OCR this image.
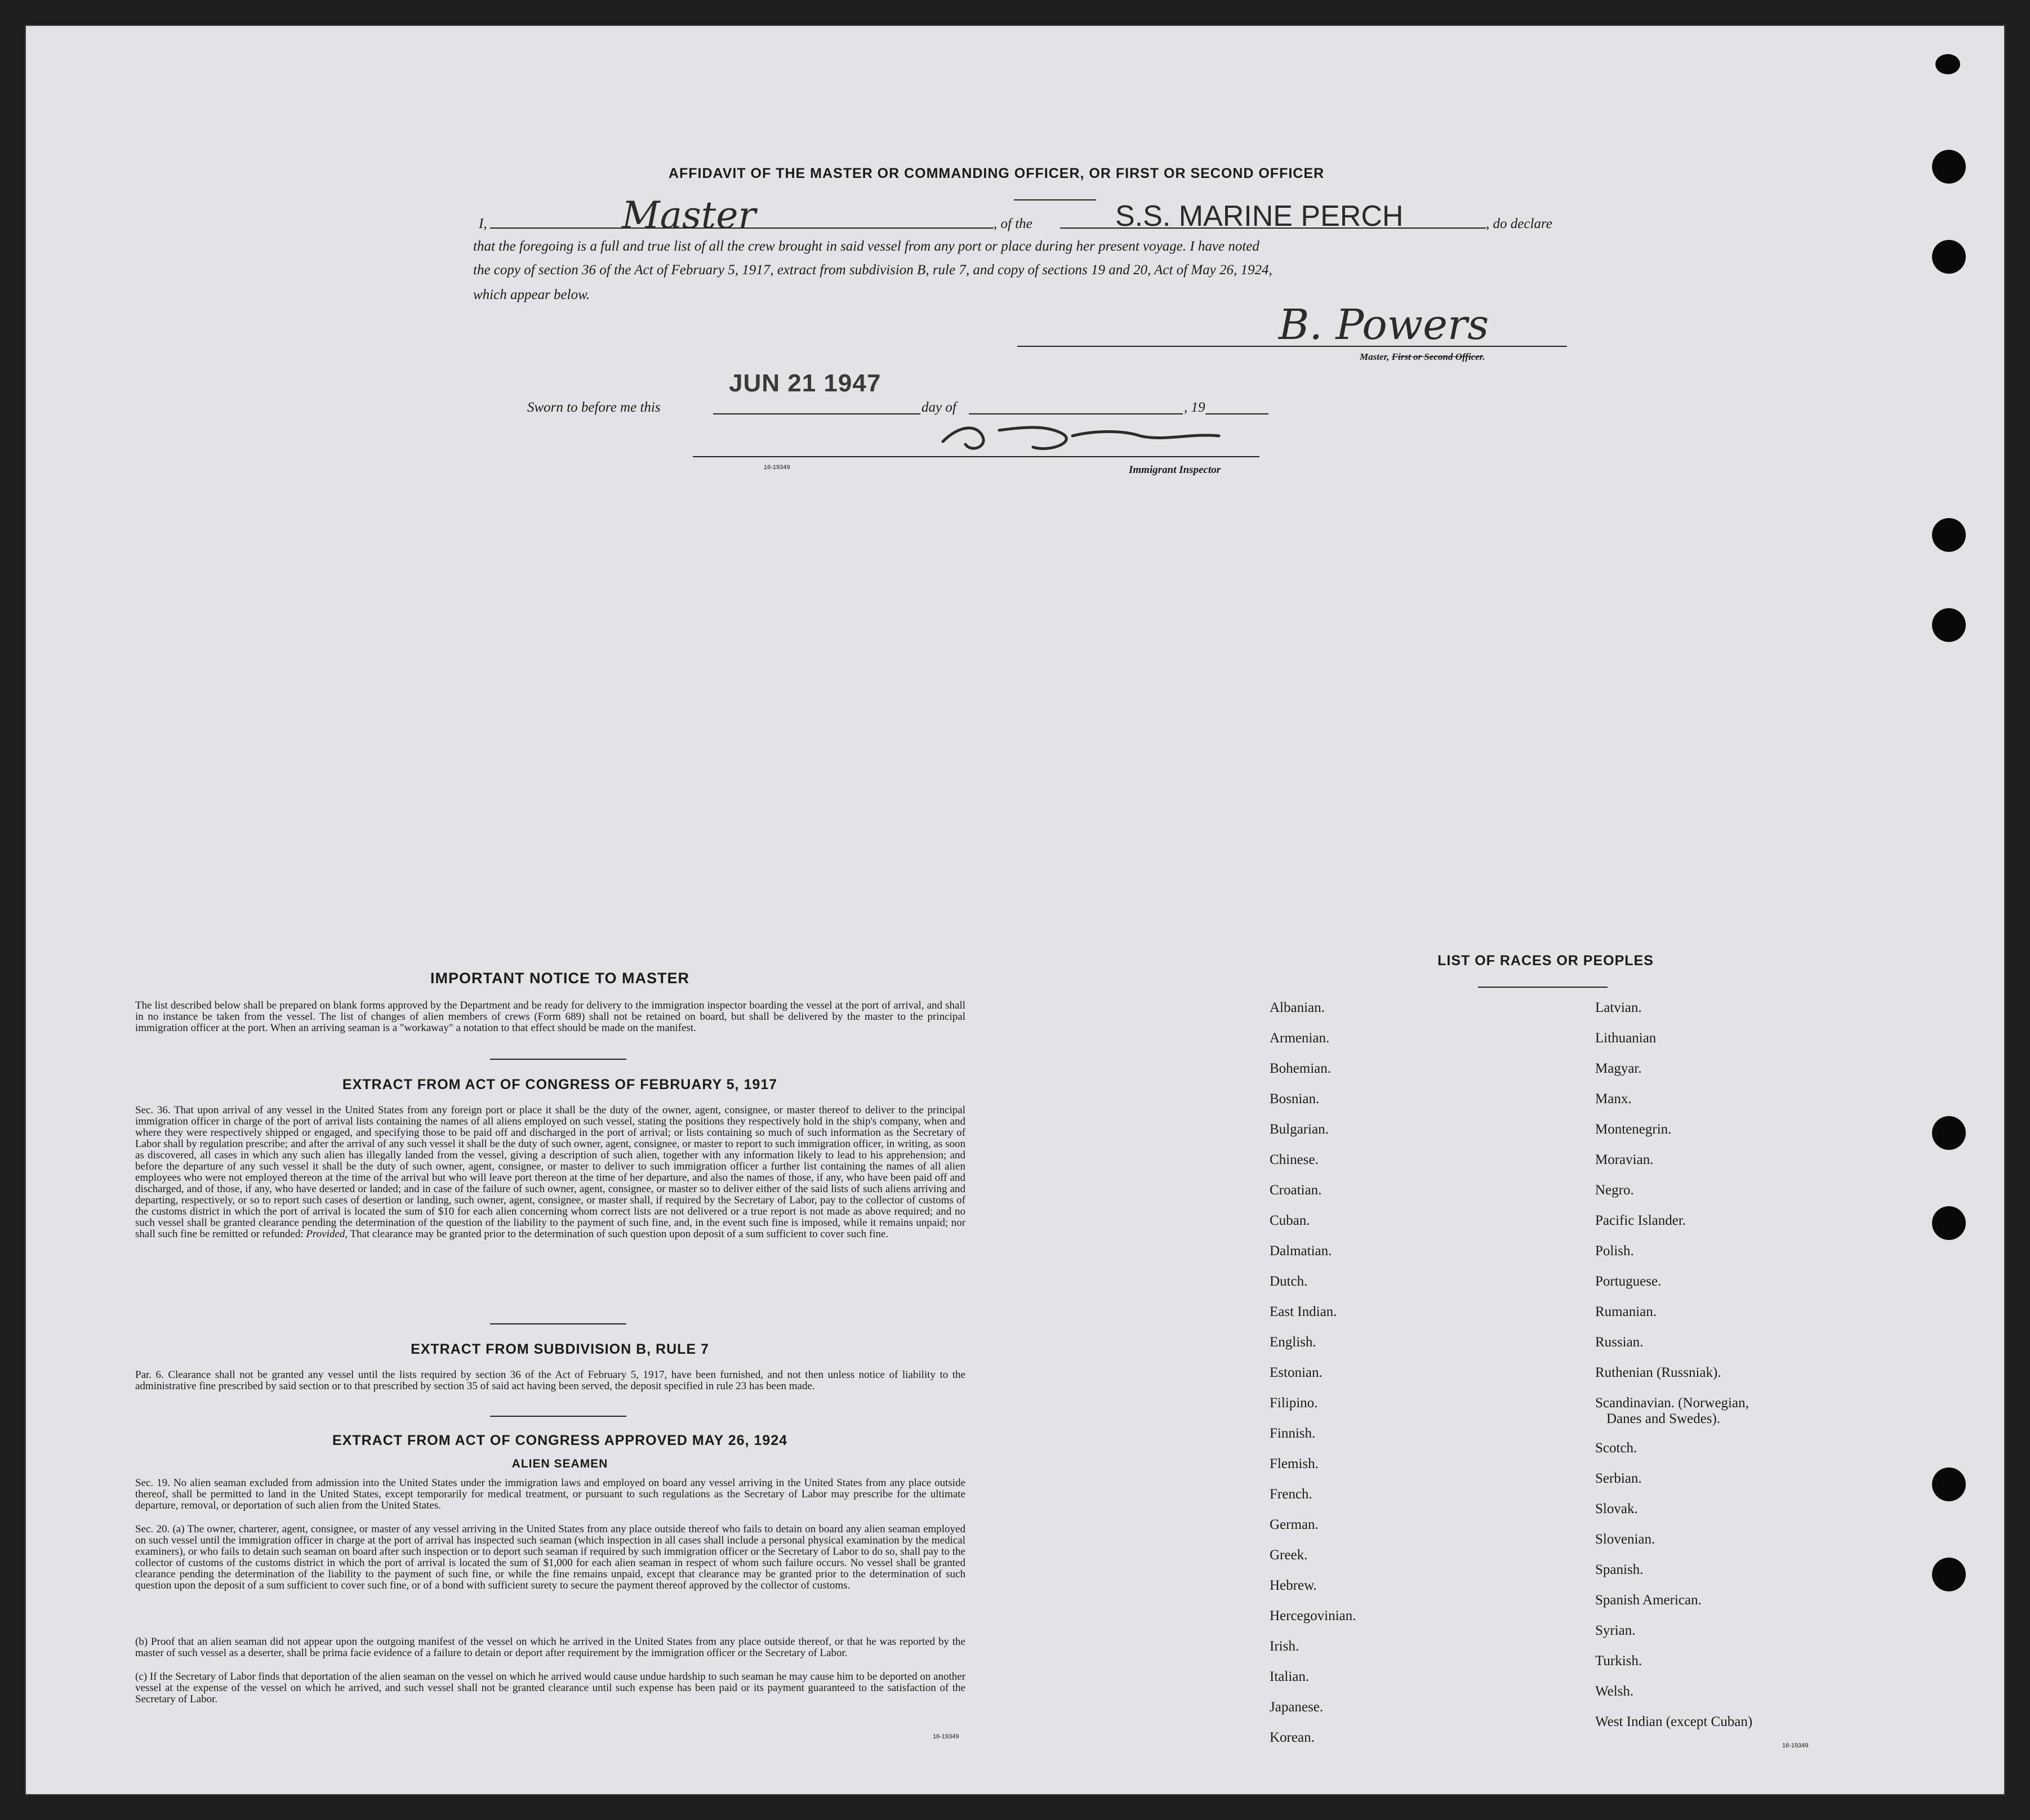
AFFIDAVIT OF THE MASTER OR COMMANDING OFFICER, OR FIRST OR SECOND OFFICER
I,	Master	, of the	S.S. MARINE PERCH	, do declare
that the foregoing is a full and true list of all the crew brought in said vessel from any port or place during her present voyage. I have noted
the copy of section 36 of the Act of February 5, 1917, extract from subdivision B, rule 7, and copy of sections 19 and 20, Act of May 26, 1924,
which appear below.
B. Powers
Master, First or Second Officer.
JUN 21 1947
Sworn to before me this	day of	, 19
16-19349	Immigrant Inspector
IMPORTANT NOTICE TO MASTER
The list described below shall be prepared on blank forms approved by the Department and be ready for delivery to the immigration inspector boarding the vessel at the port of arrival, and shall in no instance be taken from the vessel. The list of changes of alien members of crews (Form 689) shall not be retained on board, but shall be delivered by the master to the principal immigration officer at the port. When an arriving seaman is a "workaway" a notation to that effect should be made on the manifest.
EXTRACT FROM ACT OF CONGRESS OF FEBRUARY 5, 1917
Sec. 36. That upon arrival of any vessel in the United States from any foreign port or place it shall be the duty of the owner, agent, consignee, or master thereof to deliver to the principal immigration officer in charge of the port of arrival lists containing the names of all aliens employed on such vessel, stating the positions they respectively hold in the ship's company, when and where they were respectively shipped or engaged, and specifying those to be paid off and discharged in the port of arrival; or lists containing so much of such information as the Secretary of Labor shall by regulation prescribe; and after the arrival of any such vessel it shall be the duty of such owner, agent, consignee, or master to report to such immigration officer, in writing, as soon as discovered, all cases in which any such alien has illegally landed from the vessel, giving a description of such alien, together with any information likely to lead to his apprehension; and before the departure of any such vessel it shall be the duty of such owner, agent, consignee, or master to deliver to such immigration officer a further list containing the names of all alien employees who were not employed thereon at the time of the arrival but who will leave port thereon at the time of her departure, and also the names of those, if any, who have been paid off and discharged, and of those, if any, who have deserted or landed; and in case of the failure of such owner, agent, consignee, or master so to deliver either of the said lists of such aliens arriving and departing, respectively, or so to report such cases of desertion or landing, such owner, agent, consignee, or master shall, if required by the Secretary of Labor, pay to the collector of customs of the customs district in which the port of arrival is located the sum of $10 for each alien concerning whom correct lists are not delivered or a true report is not made as above required; and no such vessel shall be granted clearance pending the determination of the question of the liability to the payment of such fine, and, in the event such fine is imposed, while it remains unpaid; nor shall such fine be remitted or refunded: Provided, That clearance may be granted prior to the determination of such question upon deposit of a sum sufficient to cover such fine.
EXTRACT FROM SUBDIVISION B, RULE 7
Par. 6. Clearance shall not be granted any vessel until the lists required by section 36 of the Act of February 5, 1917, have been furnished, and not then unless notice of liability to the administrative fine prescribed by said section or to that prescribed by section 35 of said act having been served, the deposit specified in rule 23 has been made.
EXTRACT FROM ACT OF CONGRESS APPROVED MAY 26, 1924
ALIEN SEAMEN
Sec. 19. No alien seaman excluded from admission into the United States under the immigration laws and employed on board any vessel arriving in the United States from any place outside thereof, shall be permitted to land in the United States, except temporarily for medical treatment, or pursuant to such regulations as the Secretary of Labor may prescribe for the ultimate departure, removal, or deportation of such alien from the United States.
Sec. 20. (a) The owner, charterer, agent, consignee, or master of any vessel arriving in the United States from any place outside thereof who fails to detain on board any alien seaman employed on such vessel until the immigration officer in charge at the port of arrival has inspected such seaman (which inspection in all cases shall include a personal physical examination by the medical examiners), or who fails to detain such seaman on board after such inspection or to deport such seaman if required by such immigration officer or the Secretary of Labor to do so, shall pay to the collector of customs of the customs district in which the port of arrival is located the sum of $1,000 for each alien seaman in respect of whom such failure occurs. No vessel shall be granted clearance pending the determination of the liability to the payment of such fine, or while the fine remains unpaid, except that clearance may be granted prior to the determination of such question upon the deposit of a sum sufficient to cover such fine, or of a bond with sufficient surety to secure the payment thereof approved by the collector of customs.
(b) Proof that an alien seaman did not appear upon the outgoing manifest of the vessel on which he arrived in the United States from any place outside thereof, or that he was reported by the master of such vessel as a deserter, shall be prima facie evidence of a failure to detain or deport after requirement by the immigration officer or the Secretary of Labor.
(c) If the Secretary of Labor finds that deportation of the alien seaman on the vessel on which he arrived would cause undue hardship to such seaman he may cause him to be deported on another vessel at the expense of the vessel on which he arrived, and such vessel shall not be granted clearance until such expense has been paid or its payment guaranteed to the satisfaction of the Secretary of Labor.
16-19349
LIST OF RACES OR PEOPLES
Albanian.
Armenian.
Bohemian.
Bosnian.
Bulgarian.
Chinese.
Croatian.
Cuban.
Dalmatian.
Dutch.
East Indian.
English.
Estonian.
Filipino.
Finnish.
Flemish.
French.
German.
Greek.
Hebrew.
Hercegovinian.
Irish.
Italian.
Japanese.
Korean.
Latvian.
Lithuanian
Magyar.
Manx.
Montenegrin.
Moravian.
Negro.
Pacific Islander.
Polish.
Portuguese.
Rumanian.
Russian.
Ruthenian (Russniak).
Scandinavian. (Norwegian,
Danes and Swedes).
Scotch.
Serbian.
Slovak.
Slovenian.
Spanish.
Spanish American.
Syrian.
Turkish.
Welsh.
West Indian (except Cuban)
16-19349
